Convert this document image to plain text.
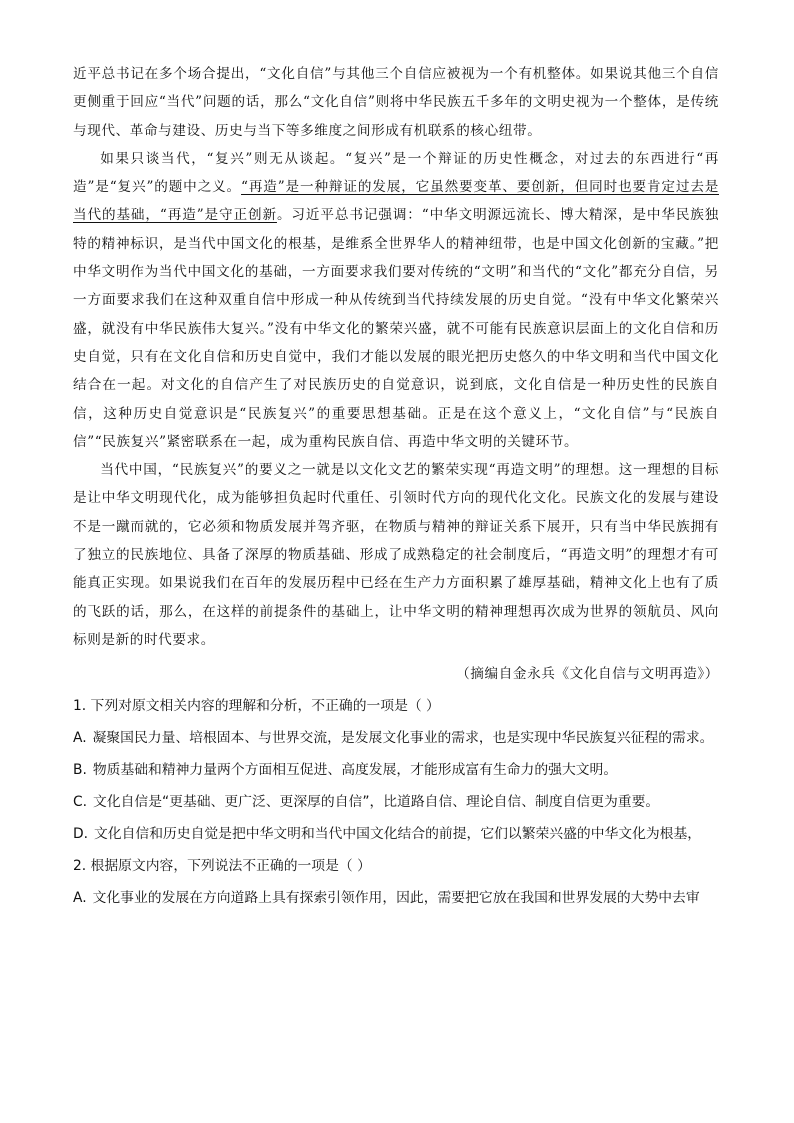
近平总书记在多个场合提出，“文化自信”与其他三个自信应被视为一个有机整体。如果说其他三个自信更侧重于回应“当代”问题的话，那么“文化自信”则将中华民族五千多年的文明史视为一个整体，是传统与现代、革命与建设、历史与当下等多维度之间形成有机联系的核心纽带。

如果只谈当代，“复兴”则无从谈起。“复兴”是一个辩证的历史性概念，对过去的东西进行“再造”是“复兴”的题中之义。“再造”是一种辩证的发展，它虽然要变革、要创新，但同时也要肯定过去是当代的基础，“再造”是守正创新。习近平总书记强调：“中华文明源远流长、博大精深，是中华民族独特的精神标识，是当代中国文化的根基，是维系全世界华人的精神纽带，也是中国文化创新的宝藏。”把中华文明作为当代中国文化的基础，一方面要求我们要对传统的“文明”和当代的“文化”都充分自信，另一方面要求我们在这种双重自信中形成一种从传统到当代持续发展的历史自觉。“没有中华文化繁荣兴盛，就没有中华民族伟大复兴。”没有中华文化的繁荣兴盛，就不可能有民族意识层面上的文化自信和历史自觉，只有在文化自信和历史自觉中，我们才能以发展的眼光把历史悠久的中华文明和当代中国文化结合在一起。对文化的自信产生了对民族历史的自觉意识，说到底，文化自信是一种历史性的民族自信，这种历史自觉意识是“民族复兴”的重要思想基础。正是在这个意义上，“文化自信”与“民族自信”“民族复兴”紧密联系在一起，成为重构民族自信、再造中华文明的关键环节。

当代中国，“民族复兴”的要义之一就是以文化文艺的繁荣实现“再造文明”的理想。这一理想的目标是让中华文明现代化，成为能够担负起时代重任、引领时代方向的现代化文化。民族文化的发展与建设不是一蹴而就的，它必须和物质发展并驾齐驱，在物质与精神的辩证关系下展开，只有当中华民族拥有了独立的民族地位、具备了深厚的物质基础、形成了成熟稳定的社会制度后，“再造文明”的理想才有可能真正实现。如果说我们在百年的发展历程中已经在生产力方面积累了雄厚基础，精神文化上也有了质的飞跃的话，那么，在这样的前提条件的基础上，让中华文明的精神理想再次成为世界的领航员、风向标则是新的时代要求。

（摘编自金永兵《文化自信与文明再造》）

1. 下列对原文相关内容的理解和分析，不正确的一项是（ ）

A. 凝聚国民力量、培根固本、与世界交流，是发展文化事业的需求，也是实现中华民族复兴征程的需求。

B. 物质基础和精神力量两个方面相互促进、高度发展，才能形成富有生命力的强大文明。

C. 文化自信是“更基础、更广泛、更深厚的自信”，比道路自信、理论自信、制度自信更为重要。

D. 文化自信和历史自觉是把中华文明和当代中国文化结合的前提，它们以繁荣兴盛的中华文化为根基，

2. 根据原文内容，下列说法不正确的一项是（ ）

A. 文化事业的发展在方向道路上具有探索引领作用，因此，需要把它放在我国和世界发展的大势中去审
